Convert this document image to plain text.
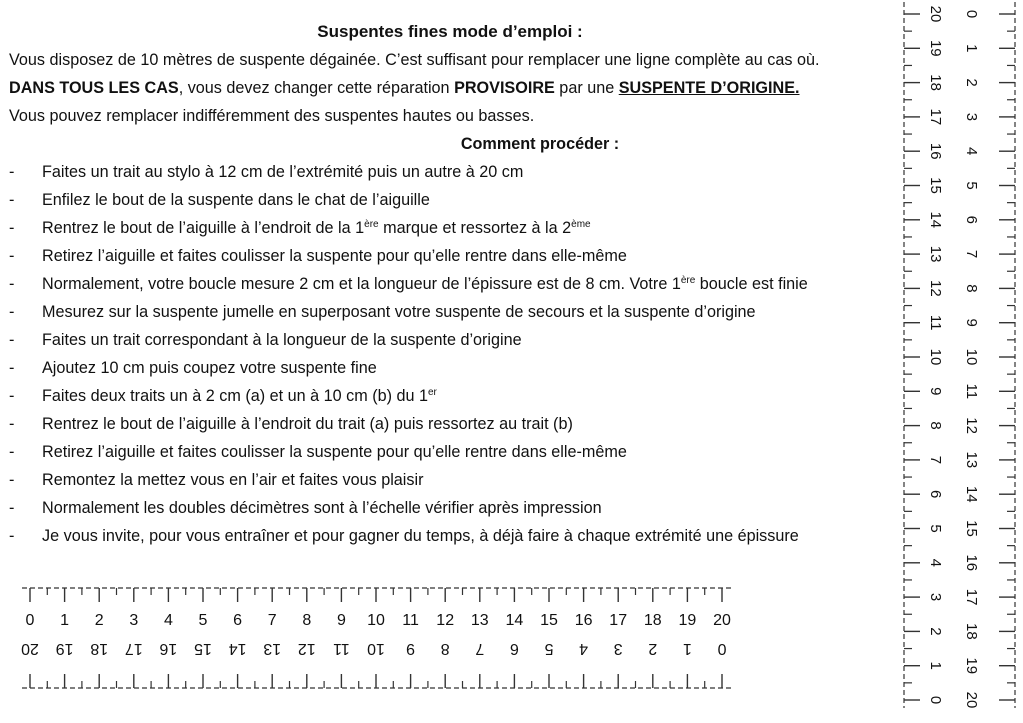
Suspentes fines mode d’emploi :
Vous disposez de 10 mètres de suspente dégainée. C’est suffisant pour remplacer une ligne complète au cas où.
DANS TOUS LES CAS, vous devez changer cette réparation PROVISOIRE par une SUSPENTE D’ORIGINE.
Vous pouvez remplacer indifféremment des suspentes hautes ou basses.
Comment procéder :
- Faites un trait au stylo à 12 cm de l’extrémité puis un autre à 20 cm
- Enfilez le bout de la suspente dans le chat de l’aiguille
- Rentrez le bout de l’aiguille à l’endroit de la 1ère marque et ressortez à la 2ème
- Retirez l’aiguille et faites coulisser la suspente pour qu’elle rentre dans elle-même
- Normalement, votre boucle mesure 2 cm et la longueur de l’épissure est de 8 cm. Votre 1ère boucle est finie
- Mesurez sur la suspente jumelle en superposant votre suspente de secours et la suspente d’origine
- Faites un trait correspondant à la longueur de la suspente d’origine
- Ajoutez 10 cm puis coupez votre suspente fine
- Faites deux traits un à 2 cm (a) et un à 10 cm (b) du 1er
- Rentrez le bout de l’aiguille à l’endroit du trait (a) puis ressortez au trait (b)
- Retirez l’aiguille et faites coulisser la suspente pour qu’elle rentre dans elle-même
- Remontez la mettez vous en l’air et faites vous plaisir
- Normalement les doubles décimètres sont à l’échelle vérifier après impression
- Je vous invite, pour vous entraîner et pour gagner du temps, à déjà faire à chaque extrémité une épissure
0
20
1
19
2
18
3
17
4
16
5
15
6
14
7
13
8
12
9
11
10
10
11
9
12
8
13
7
14
6
15
5
16
4
17
3
18
2
19
1
20
0
20 0
19 1
18 2
17 3
16 4
15 5
14 6
13 7
12 8
11 9
10 10
9 11
8 12
7 13
6 14
5 15
4 16
3 17
2 18
1 19
0 20
